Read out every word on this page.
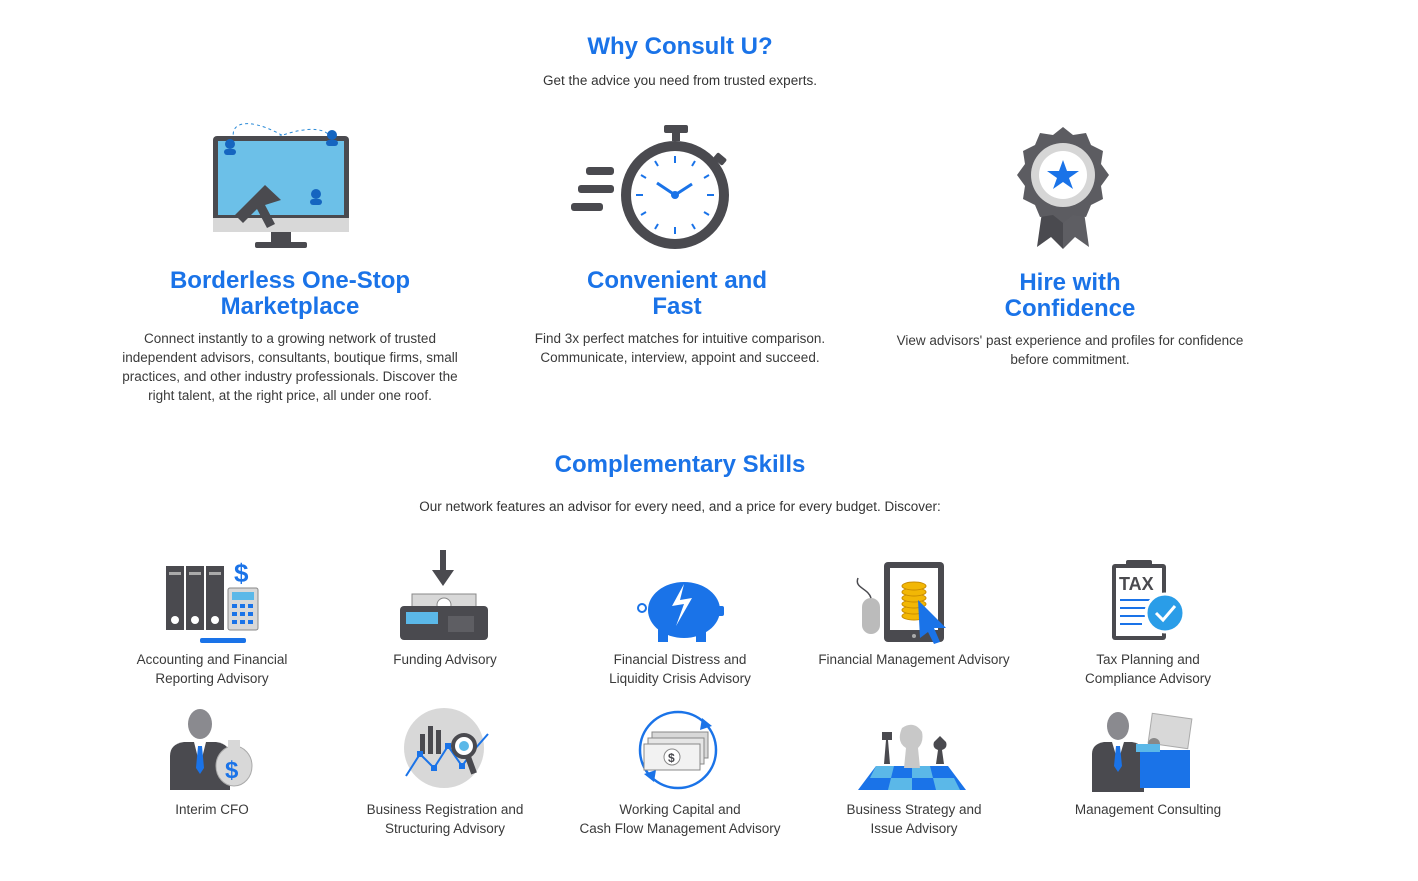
Why Consult U?
Get the advice you need from trusted experts.
Borderless One-Stop
Marketplace
Connect instantly to a growing network of trusted
independent advisors, consultants, boutique firms, small
practices, and other industry professionals. Discover the
right talent, at the right price, all under one roof.
Convenient and
Fast
Find 3x perfect matches for intuitive comparison.
Communicate, interview, appoint and succeed.
Hire with
Confidence
View advisors' past experience and profiles for confidence
before commitment.
Complementary Skills
Our network features an advisor for every need, and a price for every budget. Discover:
$	TAX
$	$
Accounting and Financial
Reporting Advisory
Funding Advisory	Financial Distress and
Liquidity Crisis Advisory
Financial Management Advisory	Tax Planning and
Compliance Advisory
Interim CFO	Business Registration and
Structuring Advisory
Working Capital and
Cash Flow Management Advisory
Business Strategy and
Issue Advisory
Management Consulting
